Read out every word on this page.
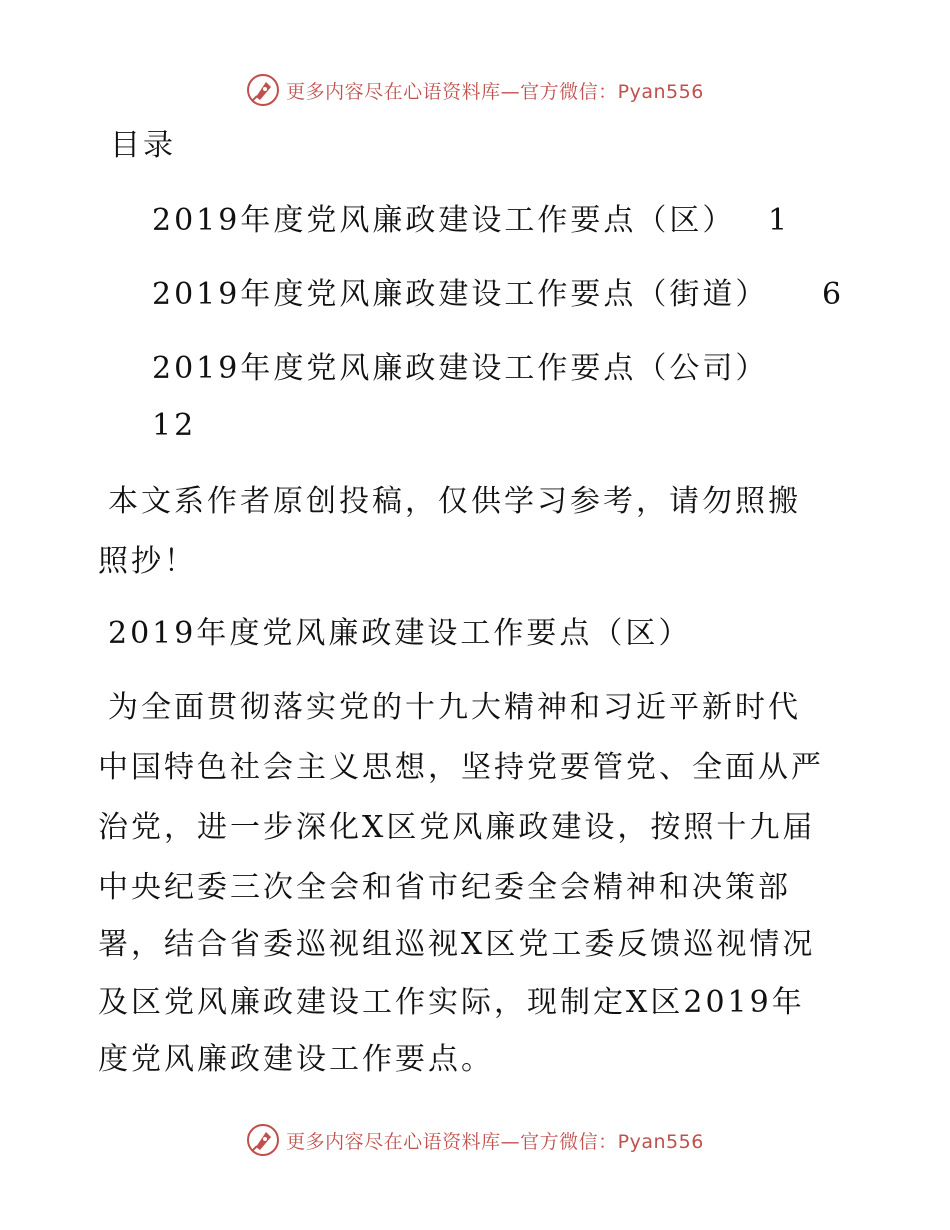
更多内容尽在心语资料库—官方微信：Pyan556
目录
2019年度党风廉政建设工作要点（区） 1
2019年度党风廉政建设工作要点（街道） 6
2019年度党风廉政建设工作要点（公司）
12
本文系作者原创投稿，仅供学习参考，请勿照搬
照抄！
2019年度党风廉政建设工作要点（区）
为全面贯彻落实党的十九大精神和习近平新时代
中国特色社会主义思想，坚持党要管党、全面从严
治党，进一步深化X区党风廉政建设，按照十九届
中央纪委三次全会和省市纪委全会精神和决策部
署，结合省委巡视组巡视X区党工委反馈巡视情况
及区党风廉政建设工作实际，现制定X区2019年
度党风廉政建设工作要点。
更多内容尽在心语资料库—官方微信：Pyan556
